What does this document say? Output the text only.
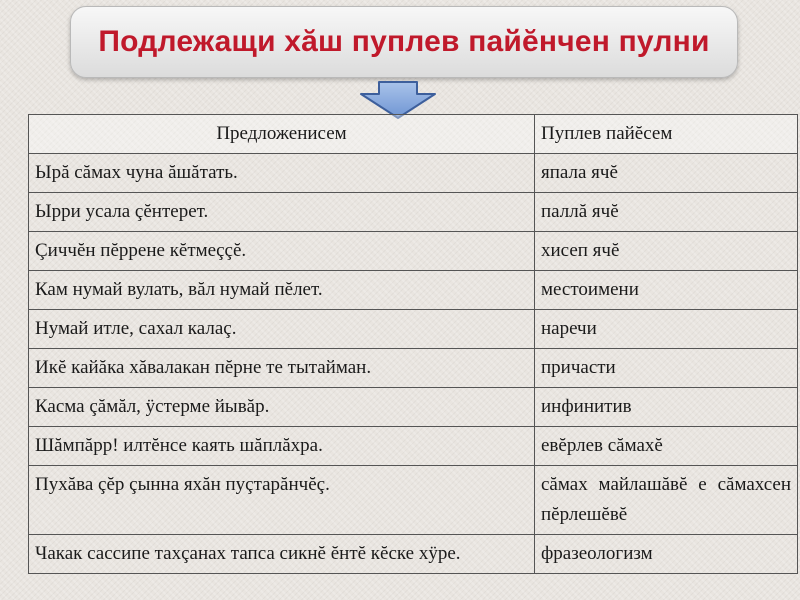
Подлежащи хăш пуплев пайĕнчен пулни
Предложенисем	Пуплев пайĕсем
Ырă сăмах чуна ăшăтать.	япала ячĕ
Ырри усала çĕнтерет.	паллă ячĕ
Çиччĕн пĕррене кĕтмеççĕ.	хисеп ячĕ
Кам нумай вулать, вăл нумай пĕлет.	местоимени
Нумай итле, сахал калаç.	наречи
Икĕ кайăка хăвалакан пĕрне те тытайман.	причасти
Касма çăмăл, ÿстерме йывăр.	инфинитив
Шăмпăрр! илтĕнсе каять шăплăхра.	евĕрлев сăмахĕ
Пухăва çĕр çынна яхăн пуçтарăнчĕç.	сăмах майлашăвĕ е сăмахсен пĕрлешĕвĕ
Чакак сассипе тахçанах тапса сикнĕ ĕнтĕ кĕске хÿре.	фразеологизм
